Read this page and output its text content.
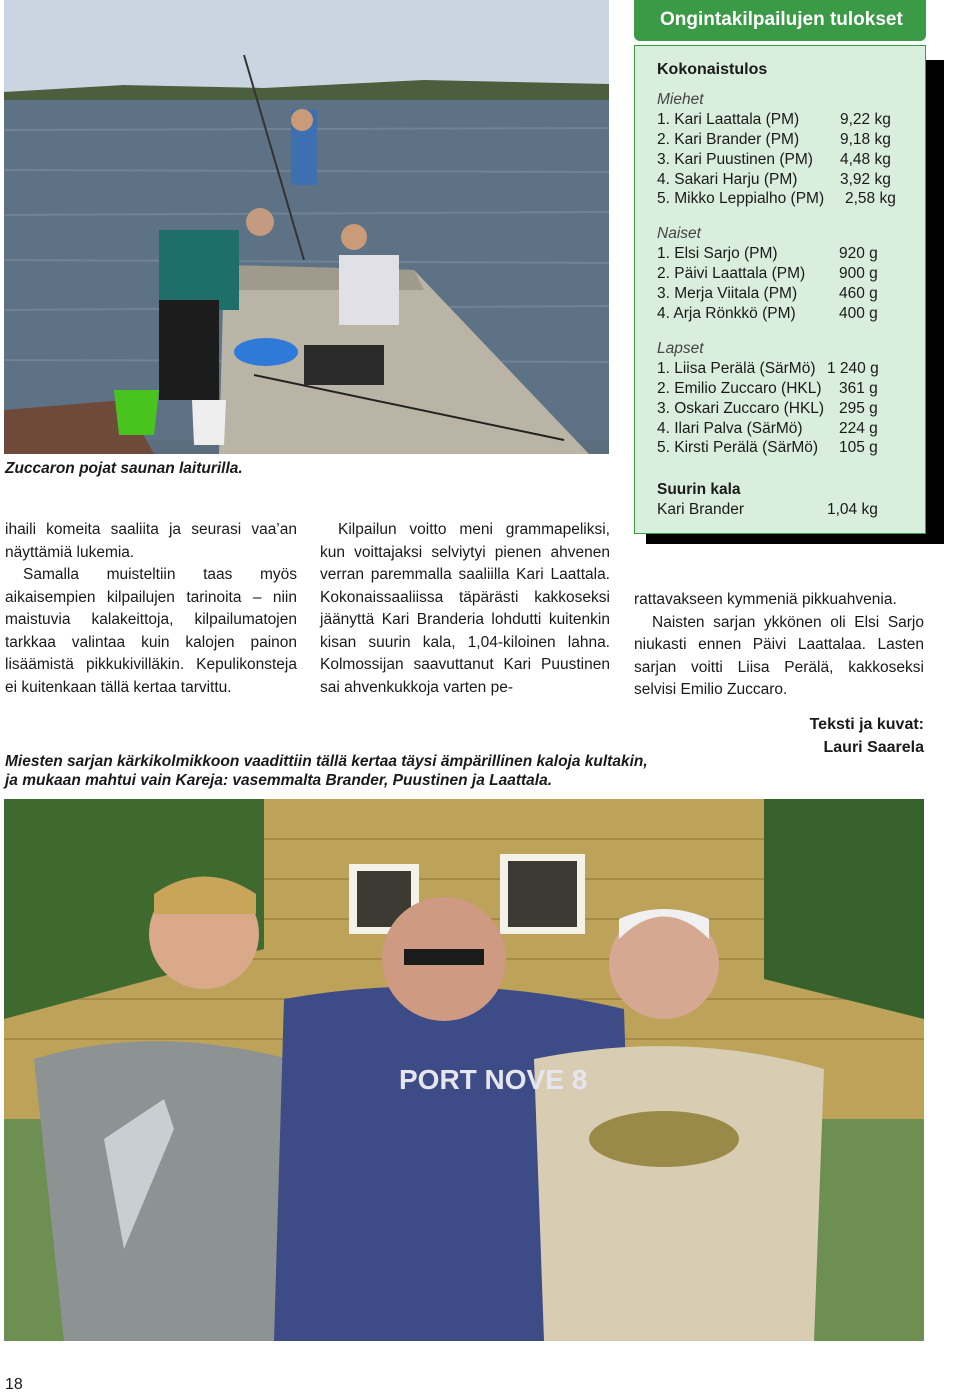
Zuccaron pojat saunan laiturilla.
Ongintakilpailujen tulokset
Kokonaistulos
Miehet
1. Kari Laattala (PM)	9,22 kg
2. Kari Brander (PM)	9,18 kg
3. Kari Puustinen (PM)	4,48 kg
4. Sakari Harju (PM)	3,92 kg
5. Mikko Leppialho (PM)	2,58 kg
Naiset
1. Elsi Sarjo (PM)	920 g
2. Päivi Laattala (PM)	900 g
3. Merja Viitala (PM)	460 g
4. Arja Rönkkö (PM)	400 g
Lapset
1. Liisa Perälä (SärMö) 1 240 g
2. Emilio Zuccaro (HKL)	361 g
3. Oskari Zuccaro (HKL) 295 g
4. Ilari Palva (SärMö)	224 g
5. Kirsti Perälä (SärMö)	105 g
Suurin kala
Kari Brander	1,04 kg

ihaili komeita saaliita ja seurasi vaa’an näyttämiä lukemia.

Samalla muisteltiin taas myös aikaisempien kilpailujen tarinoita – niin maistuvia kalakeittoja, kilpailumatojen tarkkaa valintaa kuin kalojen painon lisäämistä pikkukivilläkin. Kepulikonsteja ei kuitenkaan tällä kertaa tarvittu.

Kilpailun voitto meni grammapeliksi, kun voittajaksi selviytyi pienen ahvenen verran paremmalla saaliilla Kari Laattala. Kokonaissaaliissa täpärästi kakkoseksi jäänyttä Kari Branderia lohdutti kuitenkin kisan suurin kala, 1,04-kiloinen lahna. Kolmossijan saavuttanut Kari Puustinen sai ahvenkukkoja varten pe-

rattavakseen kymmeniä pikkuahvenia.

Naisten sarjan ykkönen oli Elsi Sarjo niukasti ennen Päivi Laattalaa. Lasten sarjan voitti Liisa Perälä, kakkoseksi selvisi Emilio Zuccaro.

Teksti ja kuvat:
Lauri Saarela
Miesten sarjan kärkikolmikkoon vaadittiin tällä kertaa täysi ämpärillinen kaloja kultakin,
ja mukaan mahtui vain Kareja: vasemmalta Brander, Puustinen ja Laattala.
PORT NOVE 8
18
